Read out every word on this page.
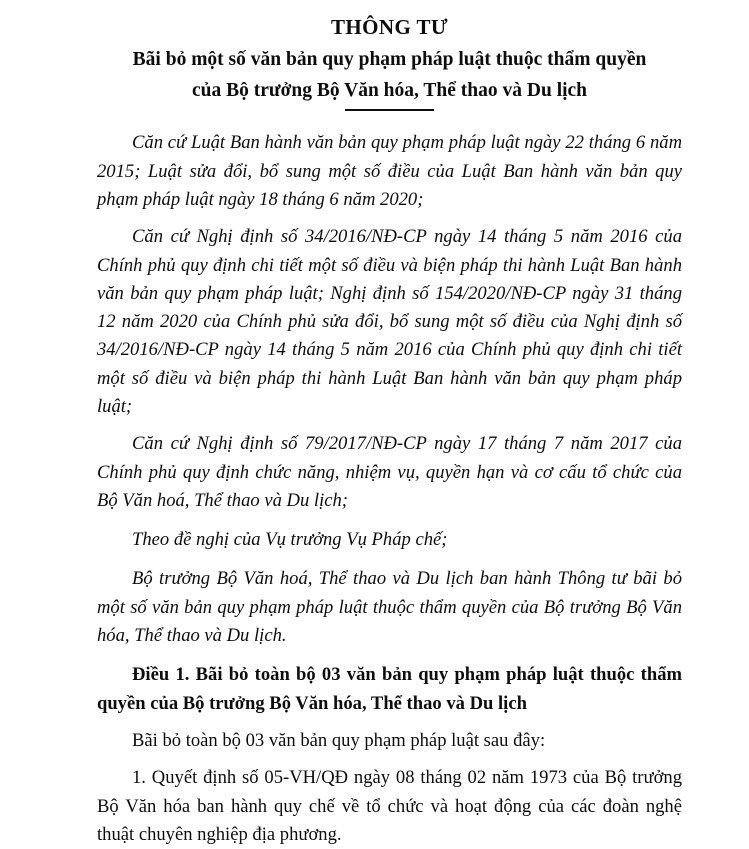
THÔNG TƯ

Bãi bỏ một số văn bản quy phạm pháp luật thuộc thẩm quyền

của Bộ trưởng Bộ Văn hóa, Thể thao và Du lịch

Căn cứ Luật Ban hành văn bản quy phạm pháp luật ngày 22 tháng 6 năm 2015; Luật sửa đổi, bổ sung một số điều của Luật Ban hành văn bản quy phạm pháp luật ngày 18 tháng 6 năm 2020;

Căn cứ Nghị định số 34/2016/NĐ-CP ngày 14 tháng 5 năm 2016 của Chính phủ quy định chi tiết một số điều và biện pháp thi hành Luật Ban hành văn bản quy phạm pháp luật; Nghị định số 154/2020/NĐ-CP ngày 31 tháng 12 năm 2020 của Chính phủ sửa đổi, bổ sung một số điều của Nghị định số 34/2016/NĐ-CP ngày 14 tháng 5 năm 2016 của Chính phủ quy định chi tiết một số điều và biện pháp thi hành Luật Ban hành văn bản quy phạm pháp luật;

Căn cứ Nghị định số 79/2017/NĐ-CP ngày 17 tháng 7 năm 2017 của Chính phủ quy định chức năng, nhiệm vụ, quyền hạn và cơ cấu tổ chức của Bộ Văn hoá, Thể thao và Du lịch;

Theo đề nghị của Vụ trưởng Vụ Pháp chế;

Bộ trưởng Bộ Văn hoá, Thể thao và Du lịch ban hành Thông tư bãi bỏ một số văn bản quy phạm pháp luật thuộc thẩm quyền của Bộ trưởng Bộ Văn hóa, Thể thao và Du lịch.

Điều 1. Bãi bỏ toàn bộ 03 văn bản quy phạm pháp luật thuộc thẩm quyền của Bộ trưởng Bộ Văn hóa, Thể thao và Du lịch

Bãi bỏ toàn bộ 03 văn bản quy phạm pháp luật sau đây:

1. Quyết định số 05-VH/QĐ ngày 08 tháng 02 năm 1973 của Bộ trưởng Bộ Văn hóa ban hành quy chế về tổ chức và hoạt động của các đoàn nghệ thuật chuyên nghiệp địa phương.
